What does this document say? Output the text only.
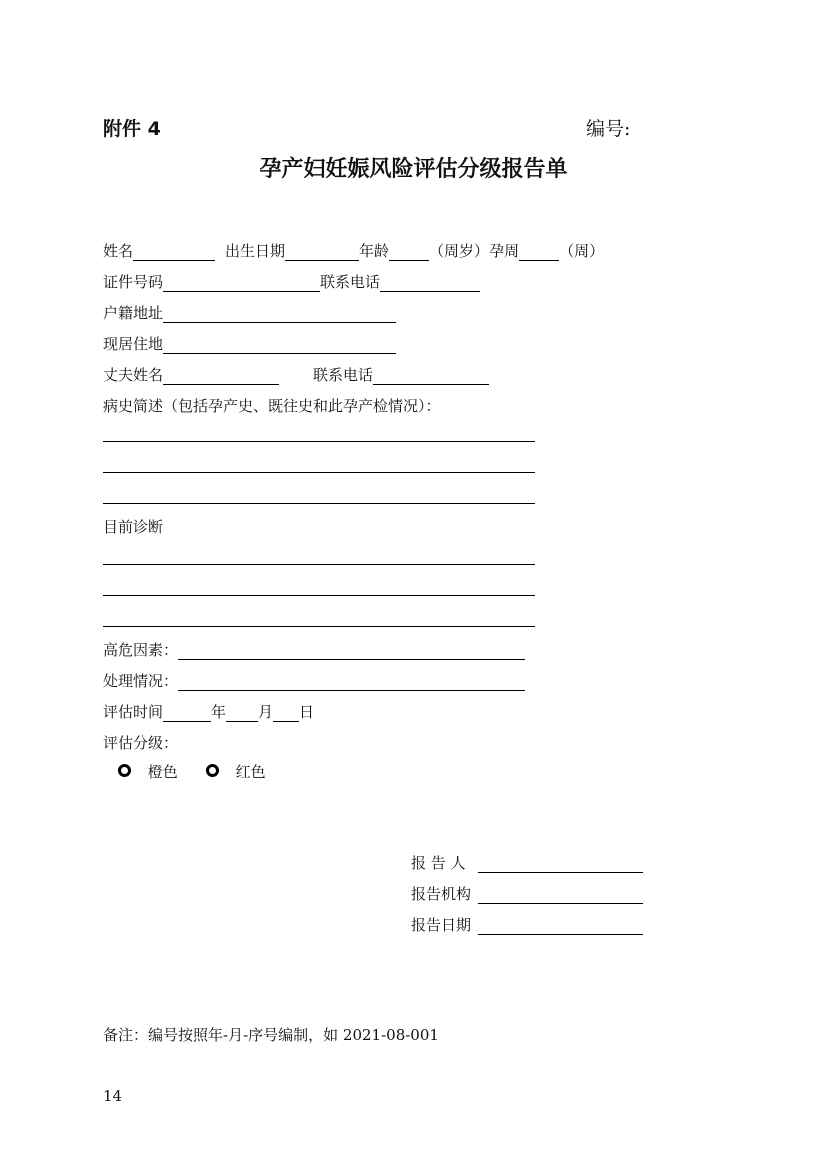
附件 4	编号:
孕产妇妊娠风险评估分级报告单
姓名	出生日期	年龄	（周岁） 孕周	（周）
证件号码	联系电话
户籍地址
现居住地
丈夫姓名	联系电话
病史简述（包括孕产史、既往史和此孕产检情况）：
目前诊断
高危因素：
处理情况：
评估时间	年 月 日
评估分级：
橙色	红色
报 告 人
报告机构
报告日期
备注：编号按照年-月-序号编制，如 2021-08-001
14
